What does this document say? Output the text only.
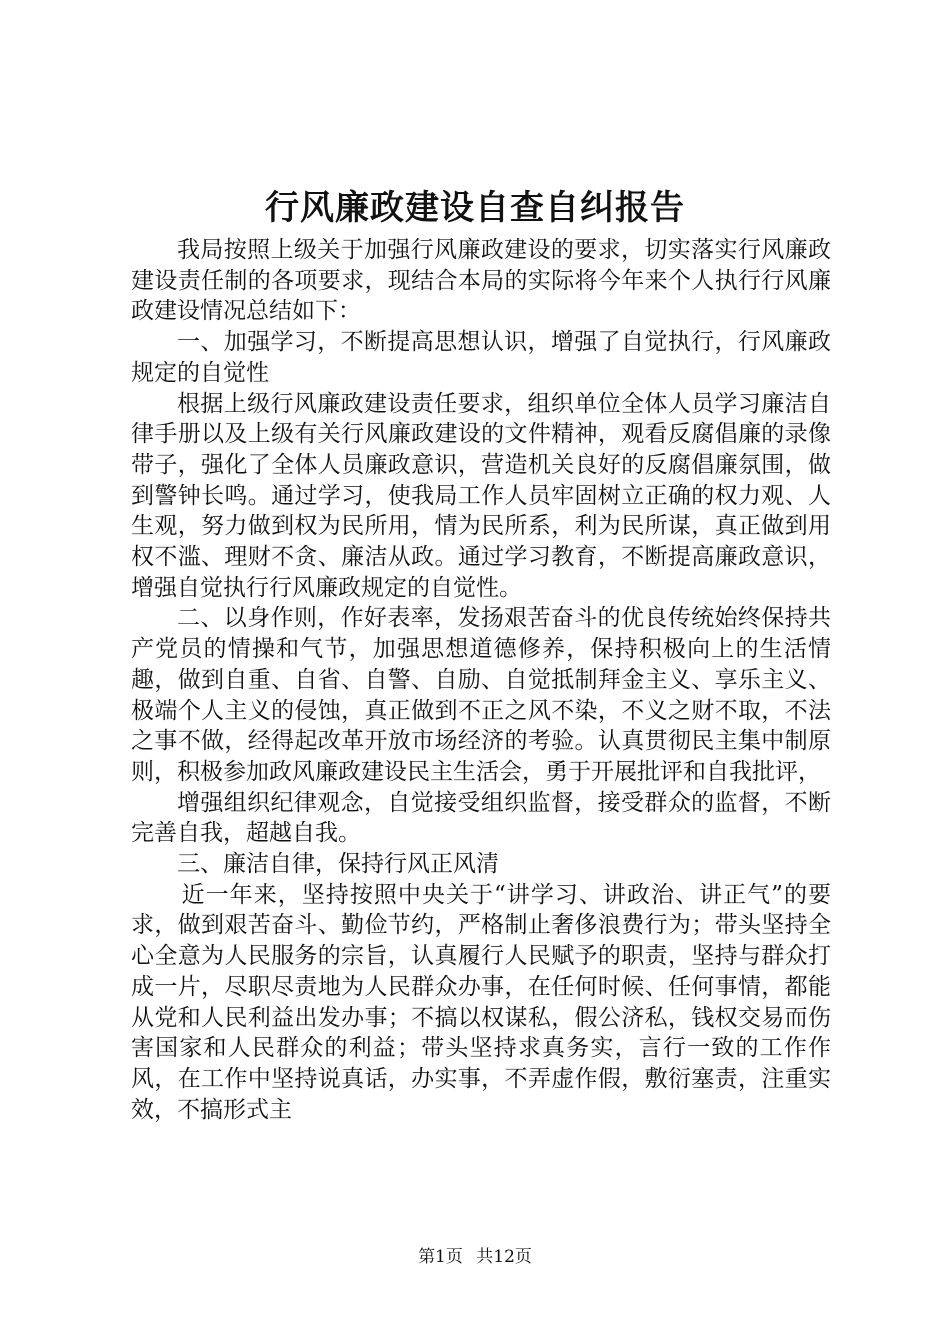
行风廉政建设自查自纠报告

我局按照上级关于加强行风廉政建设的要求，切实落实行风廉政建设责任制的各项要求，现结合本局的实际将今年来个人执行行风廉政建设情况总结如下：

一、加强学习，不断提高思想认识，增强了自觉执行，行风廉政规定的自觉性

根据上级行风廉政建设责任要求，组织单位全体人员学习廉洁自律手册以及上级有关行风廉政建设的文件精神，观看反腐倡廉的录像带子，强化了全体人员廉政意识，营造机关良好的反腐倡廉氛围，做到警钟长鸣。通过学习，使我局工作人员牢固树立正确的权力观、人生观，努力做到权为民所用，情为民所系，利为民所谋，真正做到用权不滥、理财不贪、廉洁从政。通过学习教育，不断提高廉政意识，增强自觉执行行风廉政规定的自觉性。

二、以身作则，作好表率，发扬艰苦奋斗的优良传统始终保持共产党员的情操和气节，加强思想道德修养，保持积极向上的生活情趣，做到自重、自省、自警、自励、自觉抵制拜金主义、享乐主义、极端个人主义的侵蚀，真正做到不正之风不染，不义之财不取，不法之事不做，经得起改革开放市场经济的考验。认真贯彻民主集中制原则，积极参加政风廉政建设民主生活会，勇于开展批评和自我批评，

增强组织纪律观念，自觉接受组织监督，接受群众的监督，不断完善自我，超越自我。

三、廉洁自律，保持行风正风清

近一年来，坚持按照中央关于“讲学习、讲政治、讲正气”的要求，做到艰苦奋斗、勤俭节约，严格制止奢侈浪费行为；带头坚持全心全意为人民服务的宗旨，认真履行人民赋予的职责，坚持与群众打成一片，尽职尽责地为人民群众办事，在任何时候、任何事情，都能从党和人民利益出发办事；不搞以权谋私，假公济私，钱权交易而伤害国家和人民群众的利益；带头坚持求真务实，言行一致的工作作风，在工作中坚持说真话，办实事，不弄虚作假，敷衍塞责，注重实效，不搞形式主

第1页 共12页
